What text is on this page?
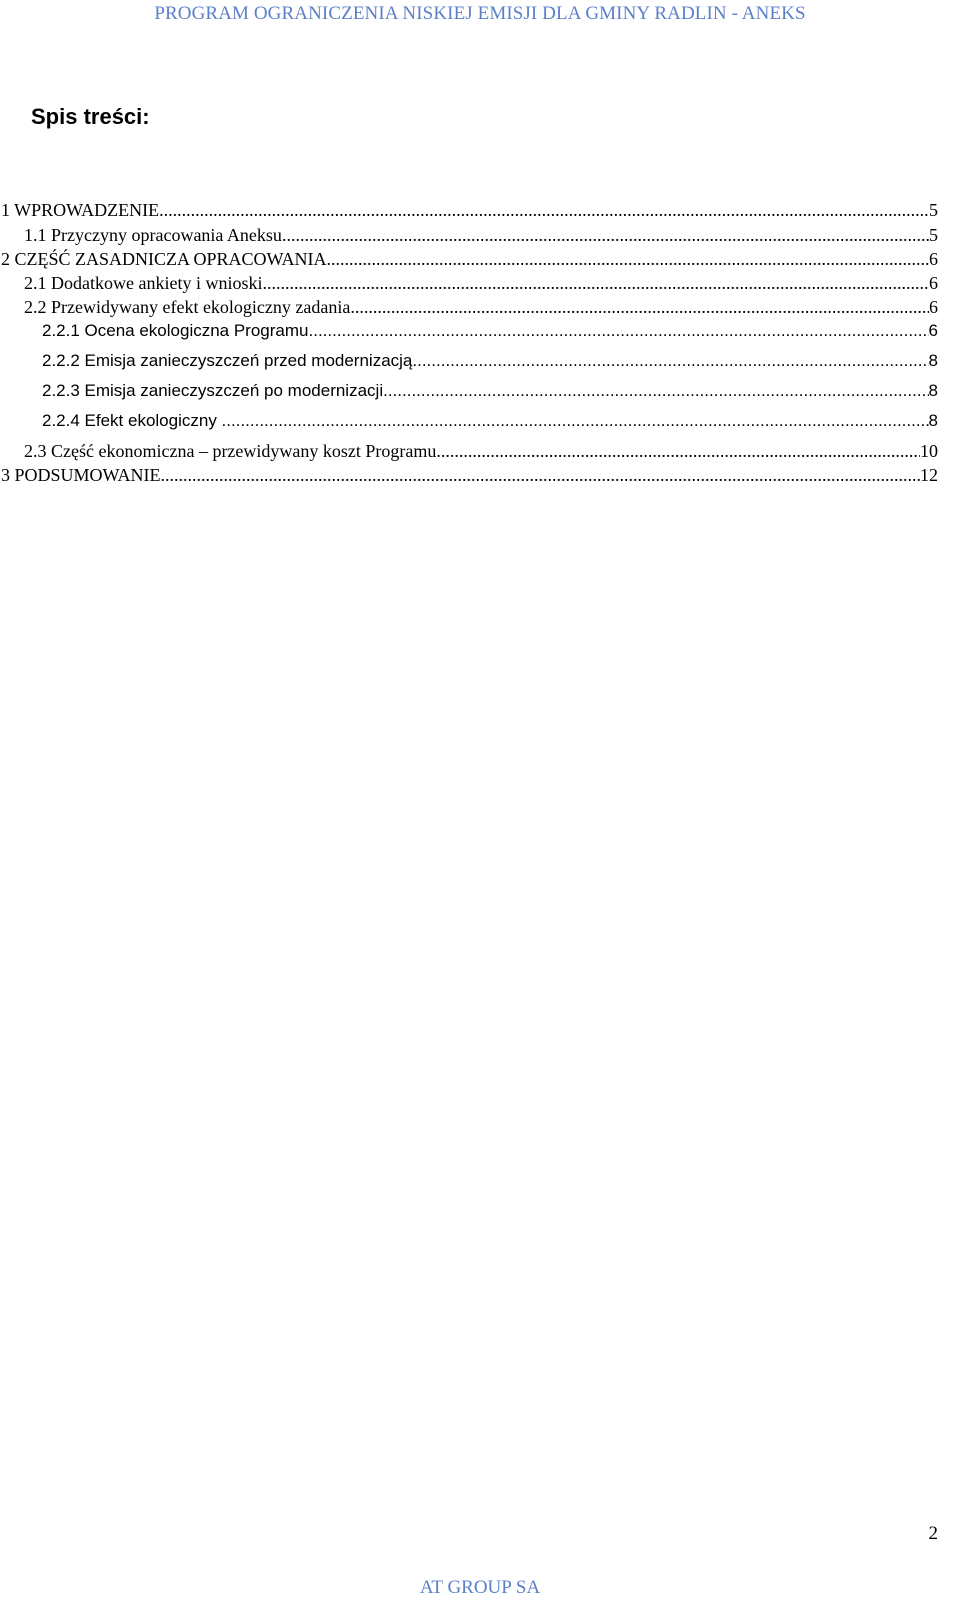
PROGRAM OGRANICZENIA NISKIEJ EMISJI DLA GMINY RADLIN - ANEKS
Spis treści:
1 WPROWADZENIE .....	5
1.1 Przyczyny opracowania Aneksu .....	5
2 CZĘŚĆ ZASADNICZA OPRACOWANIA .....	6
2.1 Dodatkowe ankiety i wnioski .....	6
2.2 Przewidywany efekt ekologiczny zadania .....	6
2.2.1 Ocena ekologiczna Programu .....	6
2.2.2 Emisja zanieczyszczeń przed modernizacją .....	8
2.2.3 Emisja zanieczyszczeń po modernizacji .....	8
2.2.4 Efekt ekologiczny .....	8
2.3 Część ekonomiczna – przewidywany koszt Programu .....	10
3 PODSUMOWANIE .....	12
2
AT GROUP SA
